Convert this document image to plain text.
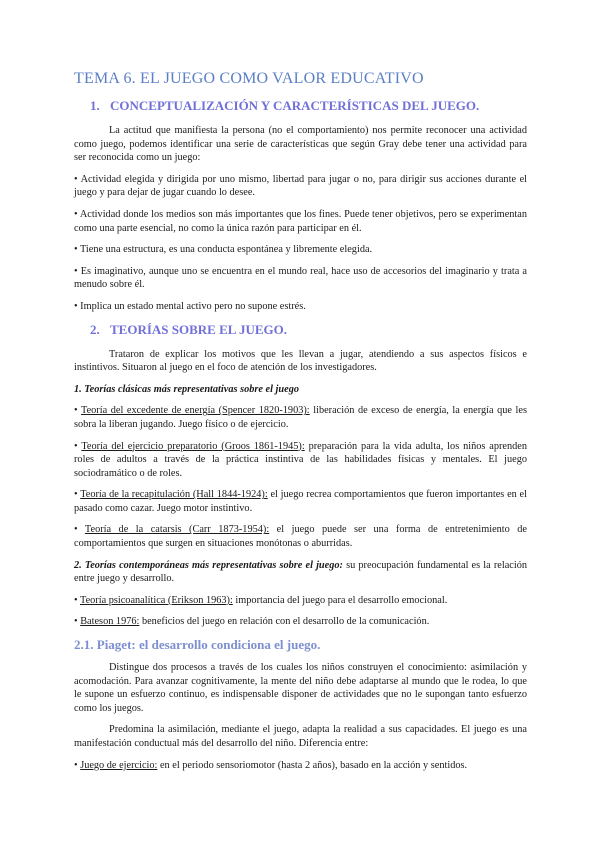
TEMA 6. EL JUEGO COMO VALOR EDUCATIVO
1. CONCEPTUALIZACIÓN Y CARACTERÍSTICAS DEL JUEGO.

La actitud que manifiesta la persona (no el comportamiento) nos permite reconocer una actividad como juego, podemos identificar una serie de características que según Gray debe tener una actividad para ser reconocida como un juego:

• Actividad elegida y dirigida por uno mismo, libertad para jugar o no, para dirigir sus acciones durante el juego y para dejar de jugar cuando lo desee.

• Actividad donde los medios son más importantes que los fines. Puede tener objetivos, pero se experimentan como una parte esencial, no como la única razón para participar en él.

• Tiene una estructura, es una conducta espontánea y libremente elegida.

• Es imaginativo, aunque uno se encuentra en el mundo real, hace uso de accesorios del imaginario y trata a menudo sobre él.

• Implica un estado mental activo pero no supone estrés.

2. TEORÍAS SOBRE EL JUEGO.

Trataron de explicar los motivos que les llevan a jugar, atendiendo a sus aspectos físicos e instintivos. Situaron al juego en el foco de atención de los investigadores.

1. Teorías clásicas más representativas sobre el juego

• Teoría del excedente de energía (Spencer 1820-1903): liberación de exceso de energía, la energía que les sobra la liberan jugando. Juego físico o de ejercicio.

• Teoría del ejercicio preparatorio (Groos 1861-1945): preparación para la vida adulta, los niños aprenden roles de adultos a través de la práctica instintiva de las habilidades físicas y mentales. El juego sociodramático o de roles.

• Teoría de la recapitulación (Hall 1844-1924): el juego recrea comportamientos que fueron importantes en el pasado como cazar. Juego motor instintivo.

• Teoría de la catarsis (Carr 1873-1954): el juego puede ser una forma de entretenimiento de comportamientos que surgen en situaciones monótonas o aburridas.

2. Teorías contemporáneas más representativas sobre el juego: su preocupación fundamental es la relación entre juego y desarrollo.

• Teoría psicoanalítica (Erikson 1963): importancia del juego para el desarrollo emocional.

• Bateson 1976: beneficios del juego en relación con el desarrollo de la comunicación.

2.1. Piaget: el desarrollo condiciona el juego.

Distingue dos procesos a través de los cuales los niños construyen el conocimiento: asimilación y acomodación. Para avanzar cognitivamente, la mente del niño debe adaptarse al mundo que le rodea, lo que le supone un esfuerzo continuo, es indispensable disponer de actividades que no le supongan tanto esfuerzo como los juegos.

Predomina la asimilación, mediante el juego, adapta la realidad a sus capacidades. El juego es una manifestación conductual más del desarrollo del niño. Diferencia entre:

• Juego de ejercicio: en el periodo sensoriomotor (hasta 2 años), basado en la acción y sentidos.
